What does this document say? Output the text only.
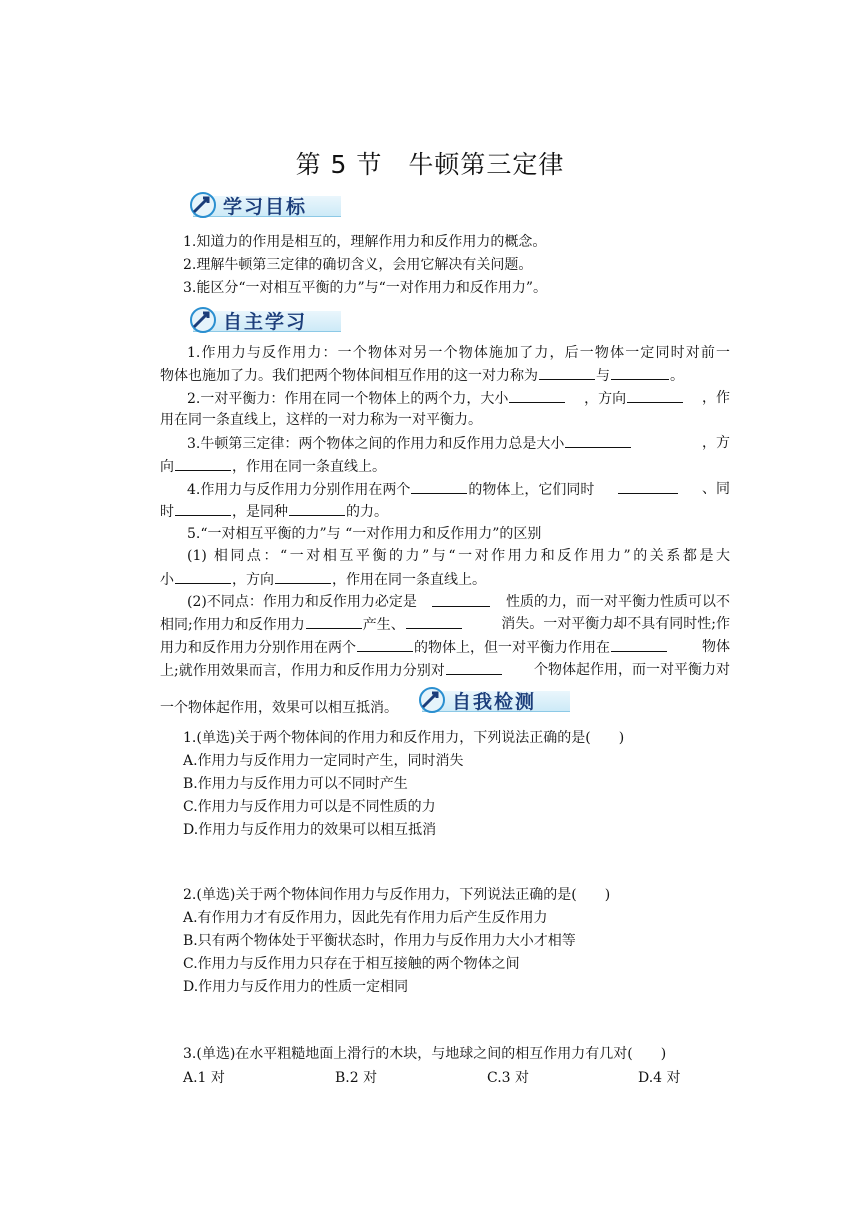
第 5 节　牛顿第三定律
学习目标
1.知道力的作用是相互的，理解作用力和反作用力的概念。
2.理解牛顿第三定律的确切含义，会用它解决有关问题。
3.能区分“一对相互平衡的力”与“一对作用力和反作用力”。
自主学习
1.作用力与反作用力：一个物体对另一个物体施加了力，后一物体一定同时对前一
物体也施加了力。我们把两个物体间相互作用的这一对力称为	与	。
2.一对平衡力：作用在同一个物体上的两个力，大小	，方向	，作
用在同一条直线上，这样的一对力称为一对平衡力。
3.牛顿第三定律：两个物体之间的作用力和反作用力总是大小	，方
向	，作用在同一条直线上。
4.作用力与反作用力分别作用在两个	的物体上，它们同时	、同
时	，是同种	的力。
5.“一对相互平衡的力”与 “一对作用力和反作用力”的区别
(1) 相同点：“一对相互平衡的力”与“一对作用力和反作用力”的关系都是大
小	，方向	，作用在同一条直线上。
(2)不同点：作用力和反作用力必定是	性质的力，而一对平衡力性质可以不
相同;作用力和反作用力	产生、	消失。一对平衡力却不具有同时性;作
用力和反作用力分别作用在两个	的物体上，但一对平衡力作用在	物体
上;就作用效果而言，作用力和反作用力分别对	个物体起作用，而一对平衡力对
一个物体起作用，效果可以相互抵消。	自我检测
1.(单选)关于两个物体间的作用力和反作用力，下列说法正确的是(　　)
A.作用力与反作用力一定同时产生，同时消失
B.作用力与反作用力可以不同时产生
C.作用力与反作用力可以是不同性质的力
D.作用力与反作用力的效果可以相互抵消
2.(单选)关于两个物体间作用力与反作用力，下列说法正确的是(　　)
A.有作用力才有反作用力，因此先有作用力后产生反作用力
B.只有两个物体处于平衡状态时，作用力与反作用力大小才相等
C.作用力与反作用力只存在于相互接触的两个物体之间
D.作用力与反作用力的性质一定相同
3.(单选)在水平粗糙地面上滑行的木块，与地球之间的相互作用力有几对(　　)
A.1 对	B.2 对	C.3 对	D.4 对
